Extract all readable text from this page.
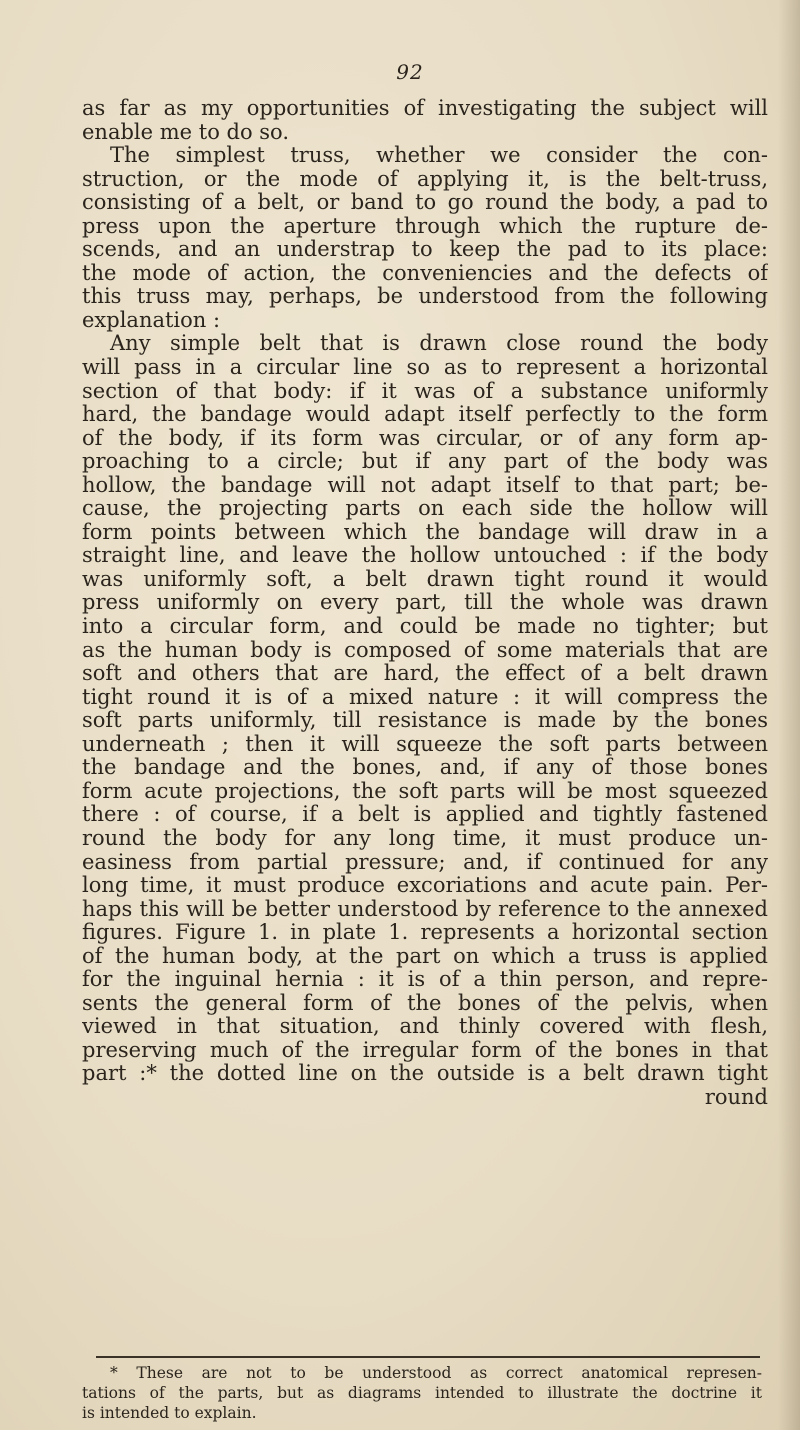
92
as far as my opportunities of investigating the subject will
enable me to do so.
The simplest truss, whether we consider the con-
struction, or the mode of applying it, is the belt-truss,
consisting of a belt, or band to go round the body, a pad to
press upon the aperture through which the rupture de-
scends, and an understrap to keep the pad to its place:
the mode of action, the conveniencies and the defects of
this truss may, perhaps, be understood from the following
explanation :
Any simple belt that is drawn close round the body
will pass in a circular line so as to represent a horizontal
section of that body: if it was of a substance uniformly
hard, the bandage would adapt itself perfectly to the form
of the body, if its form was circular, or of any form ap-
proaching to a circle; but if any part of the body was
hollow, the bandage will not adapt itself to that part; be-
cause, the projecting parts on each side the hollow will
form points between which the bandage will draw in a
straight line, and leave the hollow untouched : if the body
was uniformly soft, a belt drawn tight round it would
press uniformly on every part, till the whole was drawn
into a circular form, and could be made no tighter; but
as the human body is composed of some materials that are
soft and others that are hard, the effect of a belt drawn
tight round it is of a mixed nature : it will compress the
soft parts uniformly, till resistance is made by the bones
underneath ; then it will squeeze the soft parts between
the bandage and the bones, and, if any of those bones
form acute projections, the soft parts will be most squeezed
there : of course, if a belt is applied and tightly fastened
round the body for any long time, it must produce un-
easiness from partial pressure; and, if continued for any
long time, it must produce excoriations and acute pain. Per-
haps this will be better understood by reference to the annexed
figures. Figure 1. in plate 1. represents a horizontal section
of the human body, at the part on which a truss is applied
for the inguinal hernia : it is of a thin person, and repre-
sents the general form of the bones of the pelvis, when
viewed in that situation, and thinly covered with flesh,
preserving much of the irregular form of the bones in that
part :* the dotted line on the outside is a belt drawn tight
round
* These are not to be understood as correct anatomical represen-
tations of the parts, but as diagrams intended to illustrate the doctrine it
is intended to explain.
